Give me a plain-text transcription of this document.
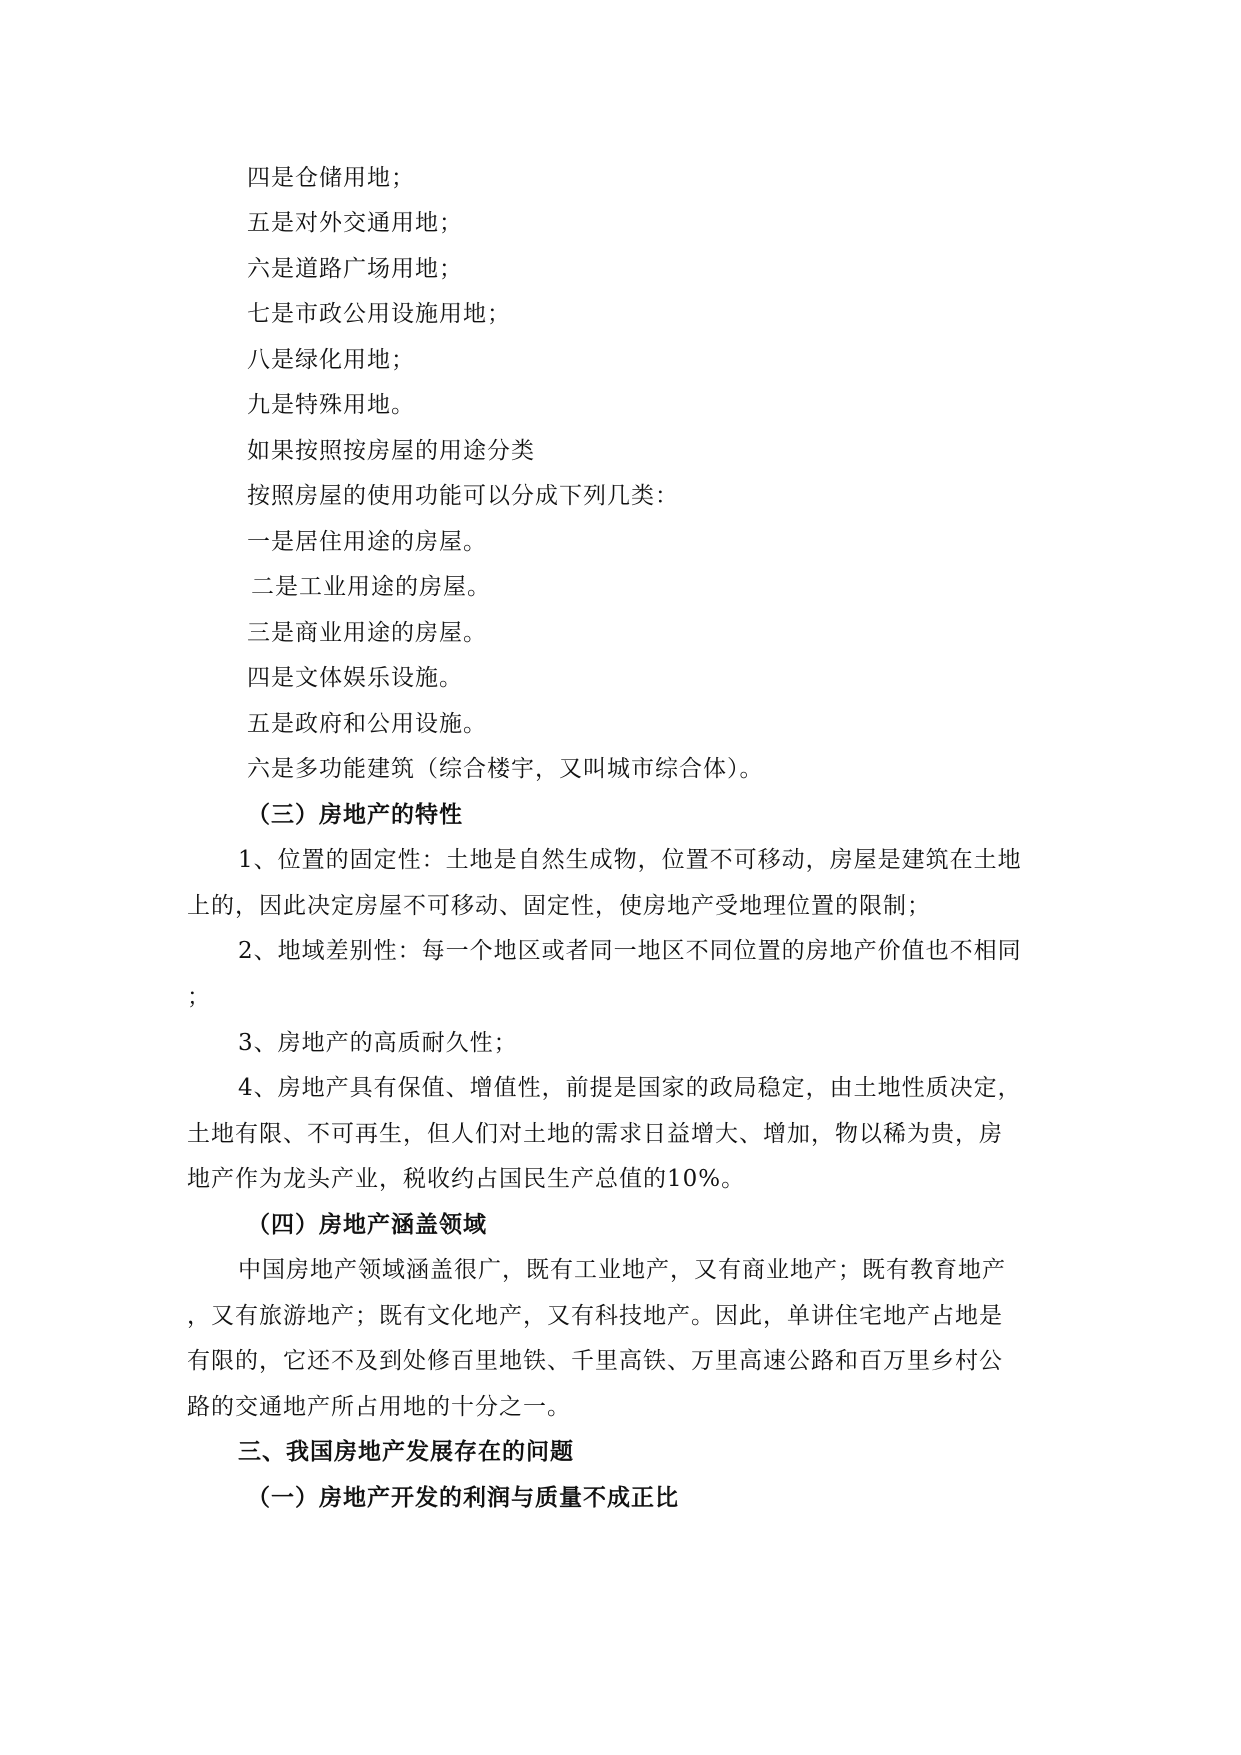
四是仓储用地；
五是对外交通用地；
六是道路广场用地；
七是市政公用设施用地；
八是绿化用地；
九是特殊用地。
如果按照按房屋的用途分类
按照房屋的使用功能可以分成下列几类：
一是居住用途的房屋。
二是工业用途的房屋。
三是商业用途的房屋。
四是文体娱乐设施。
五是政府和公用设施。
六是多功能建筑（综合楼宇，又叫城市综合体）。
（三）房地产的特性
1、位置的固定性：土地是自然生成物，位置不可移动，房屋是建筑在土地
上的，因此决定房屋不可移动、固定性，使房地产受地理位置的限制；
2、地域差别性：每一个地区或者同一地区不同位置的房地产价值也不相同
；
3、房地产的高质耐久性；
4、房地产具有保值、增值性，前提是国家的政局稳定，由土地性质决定，
土地有限、不可再生，但人们对土地的需求日益增大、增加，物以稀为贵，房
地产作为龙头产业，税收约占国民生产总值的10%。
（四）房地产涵盖领域
中国房地产领域涵盖很广，既有工业地产，又有商业地产；既有教育地产
，又有旅游地产；既有文化地产，又有科技地产。因此，单讲住宅地产占地是
有限的，它还不及到处修百里地铁、千里高铁、万里高速公路和百万里乡村公
路的交通地产所占用地的十分之一。
三、我国房地产发展存在的问题
（一）房地产开发的利润与质量不成正比
